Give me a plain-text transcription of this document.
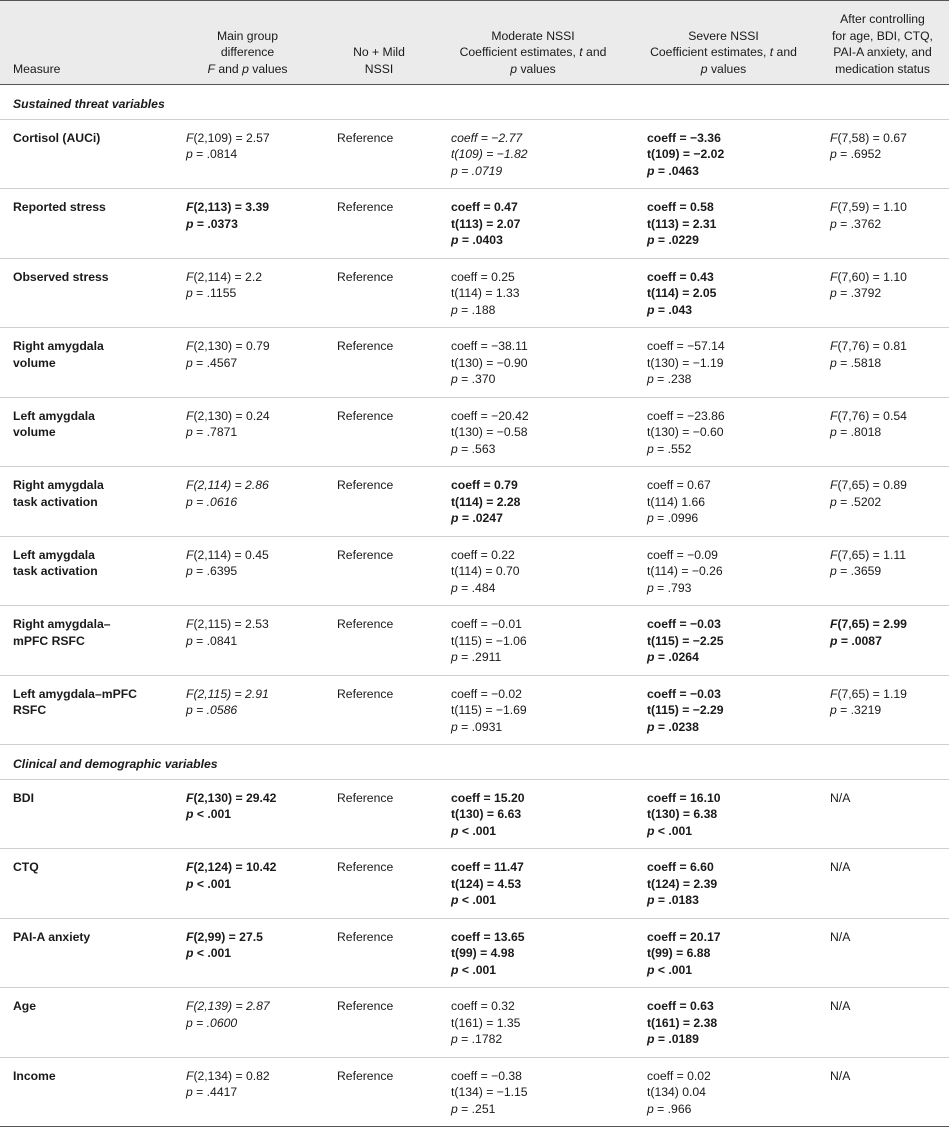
Measure	Main group
difference
F and p values	No + Mild
NSSI	Moderate NSSI
Coefficient estimates, t and
p values	Severe NSSI
Coefficient estimates, t and
p values	After controlling
for age, BDI, CTQ,
PAI-A anxiety, and
medication status

Sustained threat variables					

Cortisol (AUCi)	F(2,109) = 2.57
p = .0814	Reference	coeff = −2.77
t(109) = −1.82
p = .0719	coeff = −3.36
t(109) = −2.02
p = .0463	F(7,58) = 0.67
p = .6952

Reported stress	F(2,113) = 3.39
p = .0373	Reference	coeff = 0.47
t(113) = 2.07
p = .0403	coeff = 0.58
t(113) = 2.31
p = .0229	F(7,59) = 1.10
p = .3762

Observed stress	F(2,114) = 2.2
p = .1155	Reference	coeff = 0.25
t(114) = 1.33
p = .188	coeff = 0.43
t(114) = 2.05
p = .043	F(7,60) = 1.10
p = .3792

Right amygdala
volume	F(2,130) = 0.79
p = .4567	Reference	coeff = −38.11
t(130) = −0.90
p = .370	coeff = −57.14
t(130) = −1.19
p = .238	F(7,76) = 0.81
p = .5818

Left amygdala
volume	F(2,130) = 0.24
p = .7871	Reference	coeff = −20.42
t(130) = −0.58
p = .563	coeff = −23.86
t(130) = −0.60
p = .552	F(7,76) = 0.54
p = .8018

Right amygdala
task activation	F(2,114) = 2.86
p = .0616	Reference	coeff = 0.79
t(114) = 2.28
p = .0247	coeff = 0.67
t(114) 1.66
p = .0996	F(7,65) = 0.89
p = .5202

Left amygdala
task activation	F(2,114) = 0.45
p = .6395	Reference	coeff = 0.22
t(114) = 0.70
p = .484	coeff = −0.09
t(114) = −0.26
p = .793	F(7,65) = 1.11
p = .3659

Right amygdala–
mPFC RSFC	F(2,115) = 2.53
p = .0841	Reference	coeff = −0.01
t(115) = −1.06
p = .2911	coeff = −0.03
t(115) = −2.25
p = .0264	F(7,65) = 2.99
p = .0087

Left amygdala–mPFC
RSFC	F(2,115) = 2.91
p = .0586	Reference	coeff = −0.02
t(115) = −1.69
p = .0931	coeff = −0.03
t(115) = −2.29
p = .0238	F(7,65) = 1.19
p = .3219

Clinical and demographic variables					

BDI	F(2,130) = 29.42
p < .001	Reference	coeff = 15.20
t(130) = 6.63
p < .001	coeff = 16.10
t(130) = 6.38
p < .001	N/A

CTQ	F(2,124) = 10.42
p < .001	Reference	coeff = 11.47
t(124) = 4.53
p < .001	coeff = 6.60
t(124) = 2.39
p = .0183	N/A

PAI-A anxiety	F(2,99) = 27.5
p < .001	Reference	coeff = 13.65
t(99) = 4.98
p < .001	coeff = 20.17
t(99) = 6.88
p < .001	N/A

Age	F(2,139) = 2.87
p = .0600	Reference	coeff = 0.32
t(161) = 1.35
p = .1782	coeff = 0.63
t(161) = 2.38
p = .0189	N/A

Income	F(2,134) = 0.82
p = .4417	Reference	coeff = −0.38
t(134) = −1.15
p = .251	coeff = 0.02
t(134) 0.04
p = .966	N/A
